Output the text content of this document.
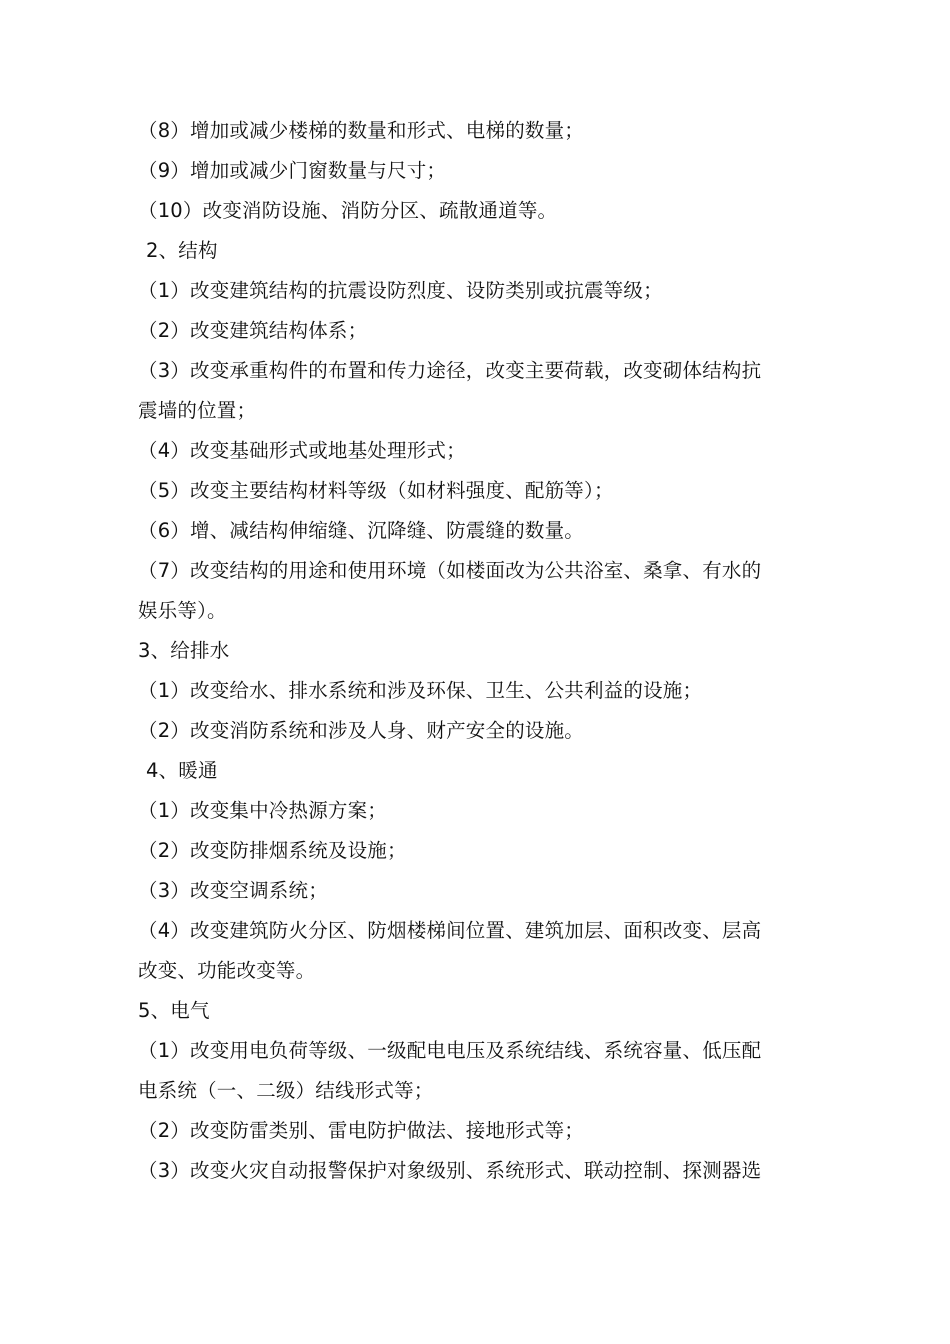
（8）增加或减少楼梯的数量和形式、电梯的数量；
（9）增加或减少门窗数量与尺寸；
（10）改变消防设施、消防分区、疏散通道等。
2、结构
（1）改变建筑结构的抗震设防烈度、设防类别或抗震等级；
（2）改变建筑结构体系；
（3）改变承重构件的布置和传力途径，改变主要荷载，改变砌体结构抗
震墙的位置；
（4）改变基础形式或地基处理形式；
（5）改变主要结构材料等级（如材料强度、配筋等）；
（6）增、减结构伸缩缝、沉降缝、防震缝的数量。
（7）改变结构的用途和使用环境（如楼面改为公共浴室、桑拿、有水的
娱乐等）。
3、给排水
（1）改变给水、排水系统和涉及环保、卫生、公共利益的设施；
（2）改变消防系统和涉及人身、财产安全的设施。
4、暖通
（1）改变集中冷热源方案；
（2）改变防排烟系统及设施；
（3）改变空调系统；
（4）改变建筑防火分区、防烟楼梯间位置、建筑加层、面积改变、层高
改变、功能改变等。
5、电气
（1）改变用电负荷等级、一级配电电压及系统结线、系统容量、低压配
电系统（一、二级）结线形式等；
（2）改变防雷类别、雷电防护做法、接地形式等；
（3）改变火灾自动报警保护对象级别、系统形式、联动控制、探测器选
